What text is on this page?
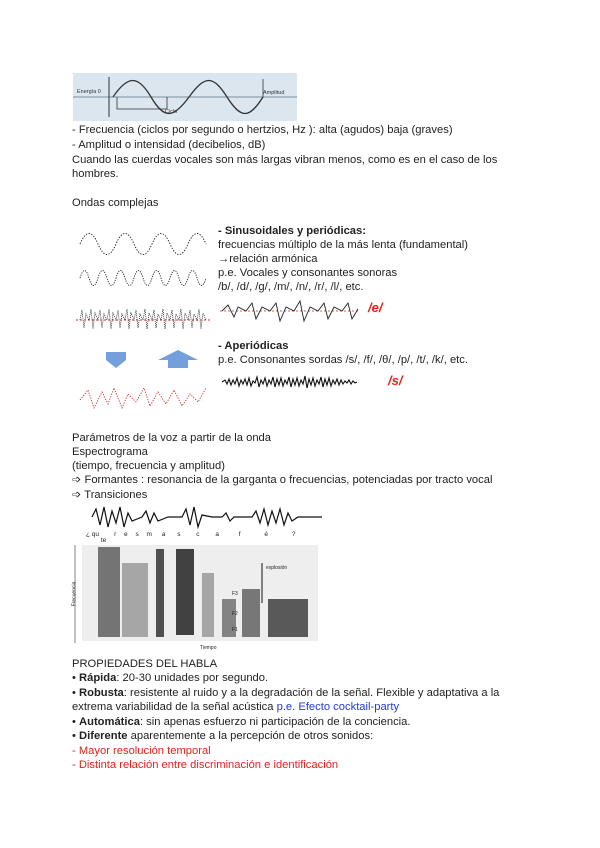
Energía 0	Amplitud
Ciclo
- Frecuencia (ciclos por segundo o hertzios, Hz ): alta (agudos) baja (graves)
- Amplitud o intensidad (decibelios, dB)
Cuando las cuerdas vocales son más largas vibran menos, como es en el caso de los
hombres.
Ondas complejas
- Sinusoidales y periódicas:
frecuencias múltiplo de la más lenta (fundamental)
→relación armónica
p.e. Vocales y consonantes sonoras
/b/, /d/, /g/, /m/, /n/, /r/, /l/, etc.
/e/
- Aperiódicas
p.e. Consonantes sordas /s/, /f/, /θ/, /p/, /t/, /k/, etc.
/s/
Parámetros de la voz a partir de la onda
Espectrograma
(tiempo, frecuencia y amplitud)
➩ Formantes : resonancia de la garganta o frecuencias, potenciadas por tracto vocal
➩ Transiciones
¿ qu te r e s m a s c a	f	é	?
Frecuencia
Tiempo
explosión
F3
F2
F1
PROPIEDADES DEL HABLA
• Rápida: 20-30 unidades por segundo.
• Robusta: resistente al ruido y a la degradación de la señal. Flexible y adaptativa a la
extrema variabilidad de la señal acústica p.e. Efecto cocktail-party
• Automática: sin apenas esfuerzo ni participación de la conciencia.
• Diferente aparentemente a la percepción de otros sonidos:
- Mayor resolución temporal
- Distinta relación entre discriminación e identificación
